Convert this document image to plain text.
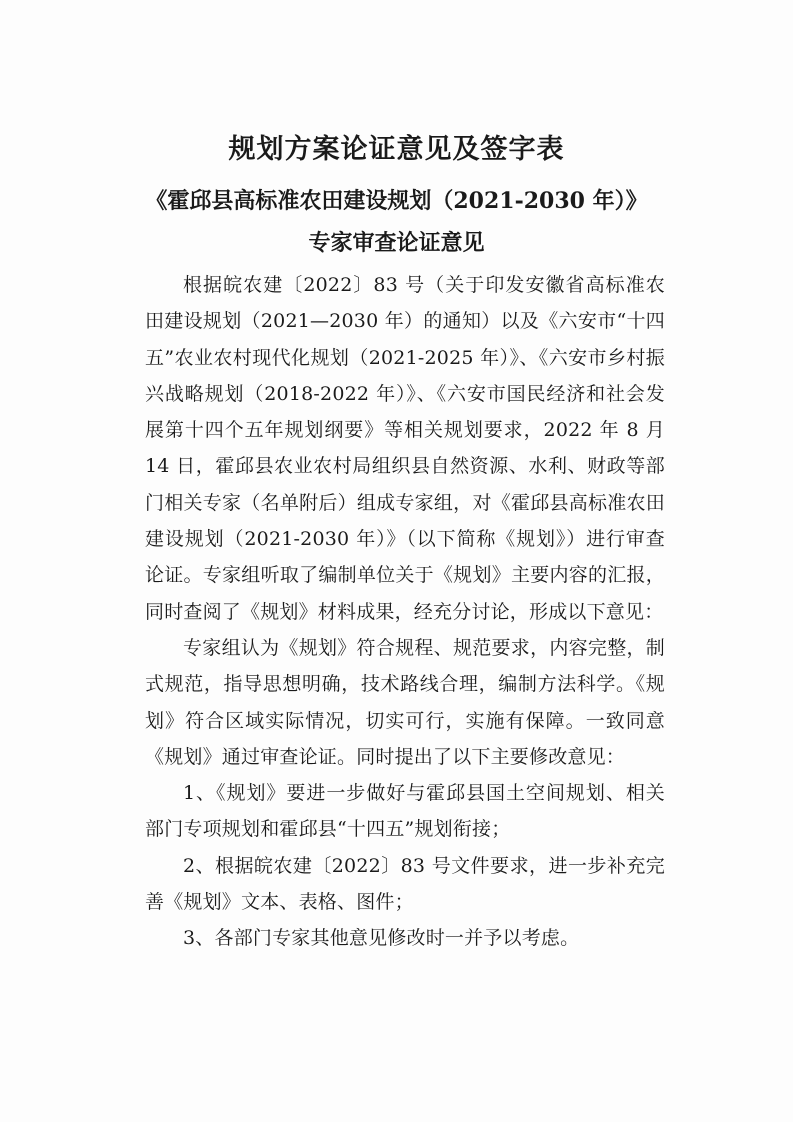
规划方案论证意见及签字表
《霍邱县高标准农田建设规划（2021-2030 年）》
专家审查论证意见

根据皖农建〔2022〕83 号（关于印发安徽省高标准农田建设规划（2021—2030 年）的通知）以及《六安市“十四五”农业农村现代化规划（2021-2025 年）》、《六安市乡村振兴战略规划（2018-2022 年）》、《六安市国民经济和社会发展第十四个五年规划纲要》等相关规划要求，2022 年 8 月 14 日，霍邱县农业农村局组织县自然资源、水利、财政等部门相关专家（名单附后）组成专家组，对《霍邱县高标准农田建设规划（2021-2030 年）》（以下简称《规划》）进行审查论证。专家组听取了编制单位关于《规划》主要内容的汇报，同时查阅了《规划》材料成果，经充分讨论，形成以下意见：

专家组认为《规划》符合规程、规范要求，内容完整，制式规范，指导思想明确，技术路线合理，编制方法科学。《规划》符合区域实际情况，切实可行，实施有保障。一致同意《规划》通过审查论证。同时提出了以下主要修改意见：

1、《规划》要进一步做好与霍邱县国土空间规划、相关部门专项规划和霍邱县“十四五”规划衔接；

2、根据皖农建〔2022〕83 号文件要求，进一步补充完善《规划》文本、表格、图件；

3、各部门专家其他意见修改时一并予以考虑。
